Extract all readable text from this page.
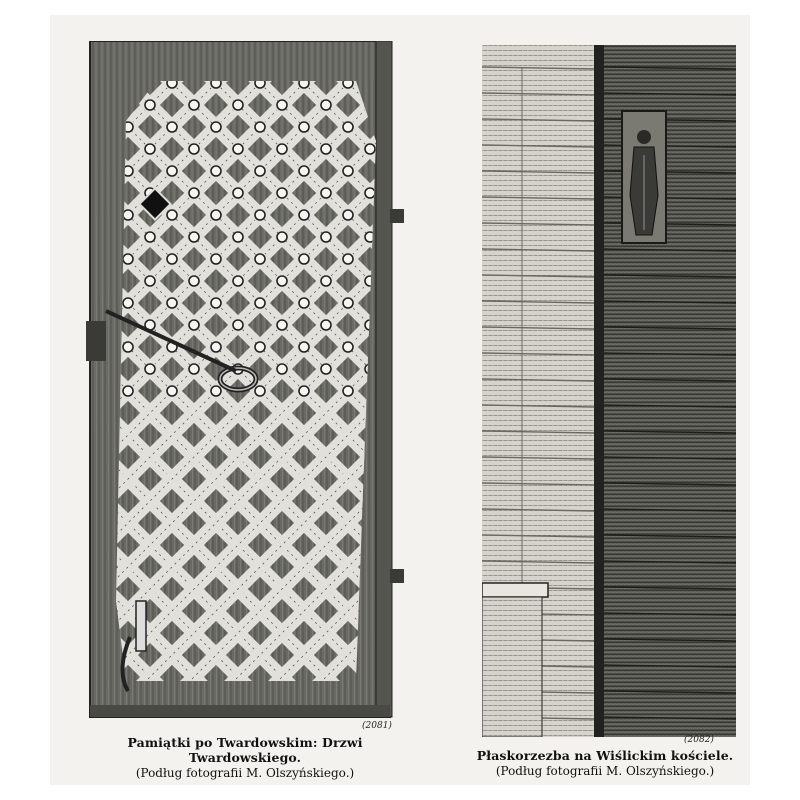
(2081)
Pamiątki po Twardowskim: Drzwi Twardowskiego.
(Podług fotografii M. Olszyńskiego.)
(2082)
Płaskorzezba na Wiślickim kościele.
(Podług fotografii M. Olszyńskiego.)
